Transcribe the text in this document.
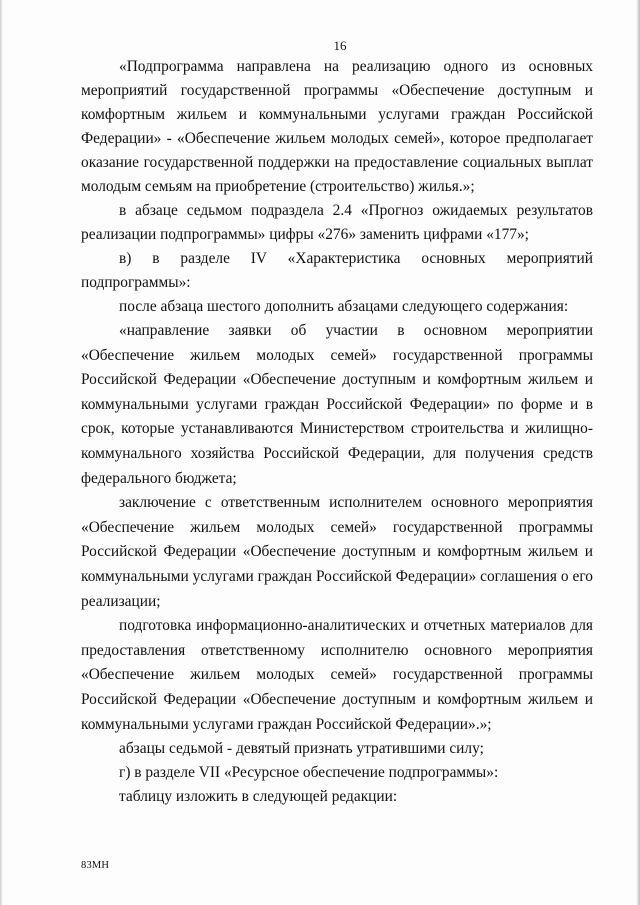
16

«Подпрограмма направлена на реализацию одного из основных мероприятий государственной программы «Обеспечение доступным и комфортным жильем и коммунальными услугами граждан Российской Федерации» - «Обеспечение жильем молодых семей», которое предполагает оказание государственной поддержки на предоставление социальных выплат молодым семьям на приобретение (строительство) жилья.»;

в абзаце седьмом подраздела 2.4 «Прогноз ожидаемых результатов реализации подпрограммы» цифры «276» заменить цифрами «177»;

в) в разделе IV «Характеристика основных мероприятий подпрограммы»:

после абзаца шестого дополнить абзацами следующего содержания:

«направление заявки об участии в основном мероприятии «Обеспечение жильем молодых семей» государственной программы Российской Федерации «Обеспечение доступным и комфортным жильем и коммунальными услугами граждан Российской Федерации» по форме и в срок, которые устанавливаются Министерством строительства и жилищно-коммунального хозяйства Российской Федерации, для получения средств федерального бюджета;

заключение с ответственным исполнителем основного мероприятия «Обеспечение жильем молодых семей» государственной программы Российской Федерации «Обеспечение доступным и комфортным жильем и коммунальными услугами граждан Российской Федерации» соглашения о его реализации;

подготовка информационно-аналитических и отчетных материалов для предоставления ответственному исполнителю основного мероприятия «Обеспечение жильем молодых семей» государственной программы Российской Федерации «Обеспечение доступным и комфортным жильем и коммунальными услугами граждан Российской Федерации».»;

абзацы седьмой - девятый признать утратившими силу;

г) в разделе VII «Ресурсное обеспечение подпрограммы»:

таблицу изложить в следующей редакции:

83МН
